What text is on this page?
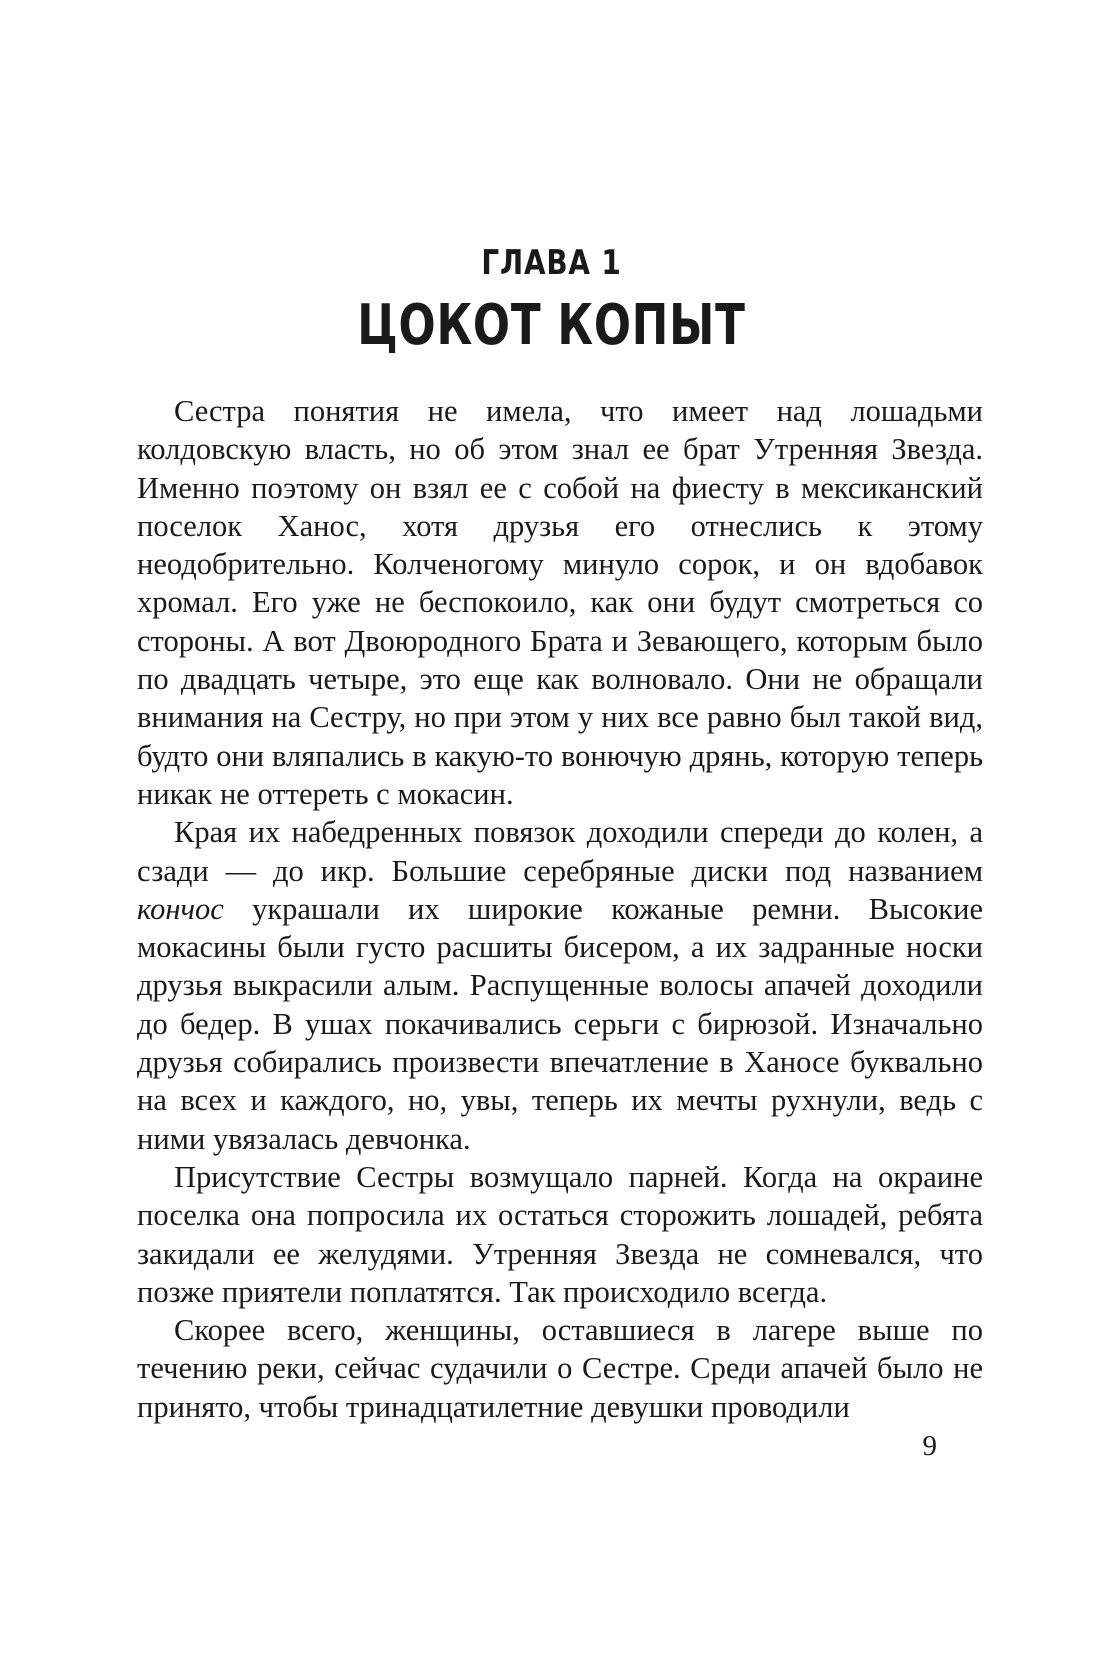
ГЛАВА 1
ЦОКОТ КОПЫТ

Сестра понятия не имела, что имеет над лошадьми колдовскую власть, но об этом знал ее брат Утренняя Звезда. Именно поэтому он взял ее с собой на фиесту в мексиканский поселок Ханос, хотя друзья его отнеслись к этому неодобрительно. Колченогому минуло сорок, и он вдобавок хромал. Его уже не беспокоило, как они будут смотреться со стороны. А вот Двоюродного Брата и Зевающего, которым было по двадцать четыре, это еще как волновало. Они не обращали внимания на Сестру, но при этом у них все равно был такой вид, будто они вляпались в какую-то вонючую дрянь, которую теперь никак не оттереть с мокасин.

Края их набедренных повязок доходили спереди до колен, а сзади — до икр. Большие серебряные диски под названием кончос украшали их широкие кожаные ремни. Высокие мокасины были густо расшиты бисером, а их задранные носки друзья выкрасили алым. Распущенные волосы апачей доходили до бедер. В ушах покачивались серьги с бирюзой. Изначально друзья собирались произвести впечатление в Ханосе буквально на всех и каждого, но, увы, теперь их мечты рухнули, ведь с ними увязалась девчонка.

Присутствие Сестры возмущало парней. Когда на окраине поселка она попросила их остаться сторожить лошадей, ребята закидали ее желудями. Утренняя Звезда не сомневался, что позже приятели поплатятся. Так происходило всегда.

Скорее всего, женщины, оставшиеся в лагере выше по течению реки, сейчас судачили о Сестре. Среди апачей было не принято, чтобы тринадцатилетние девушки проводили

9
